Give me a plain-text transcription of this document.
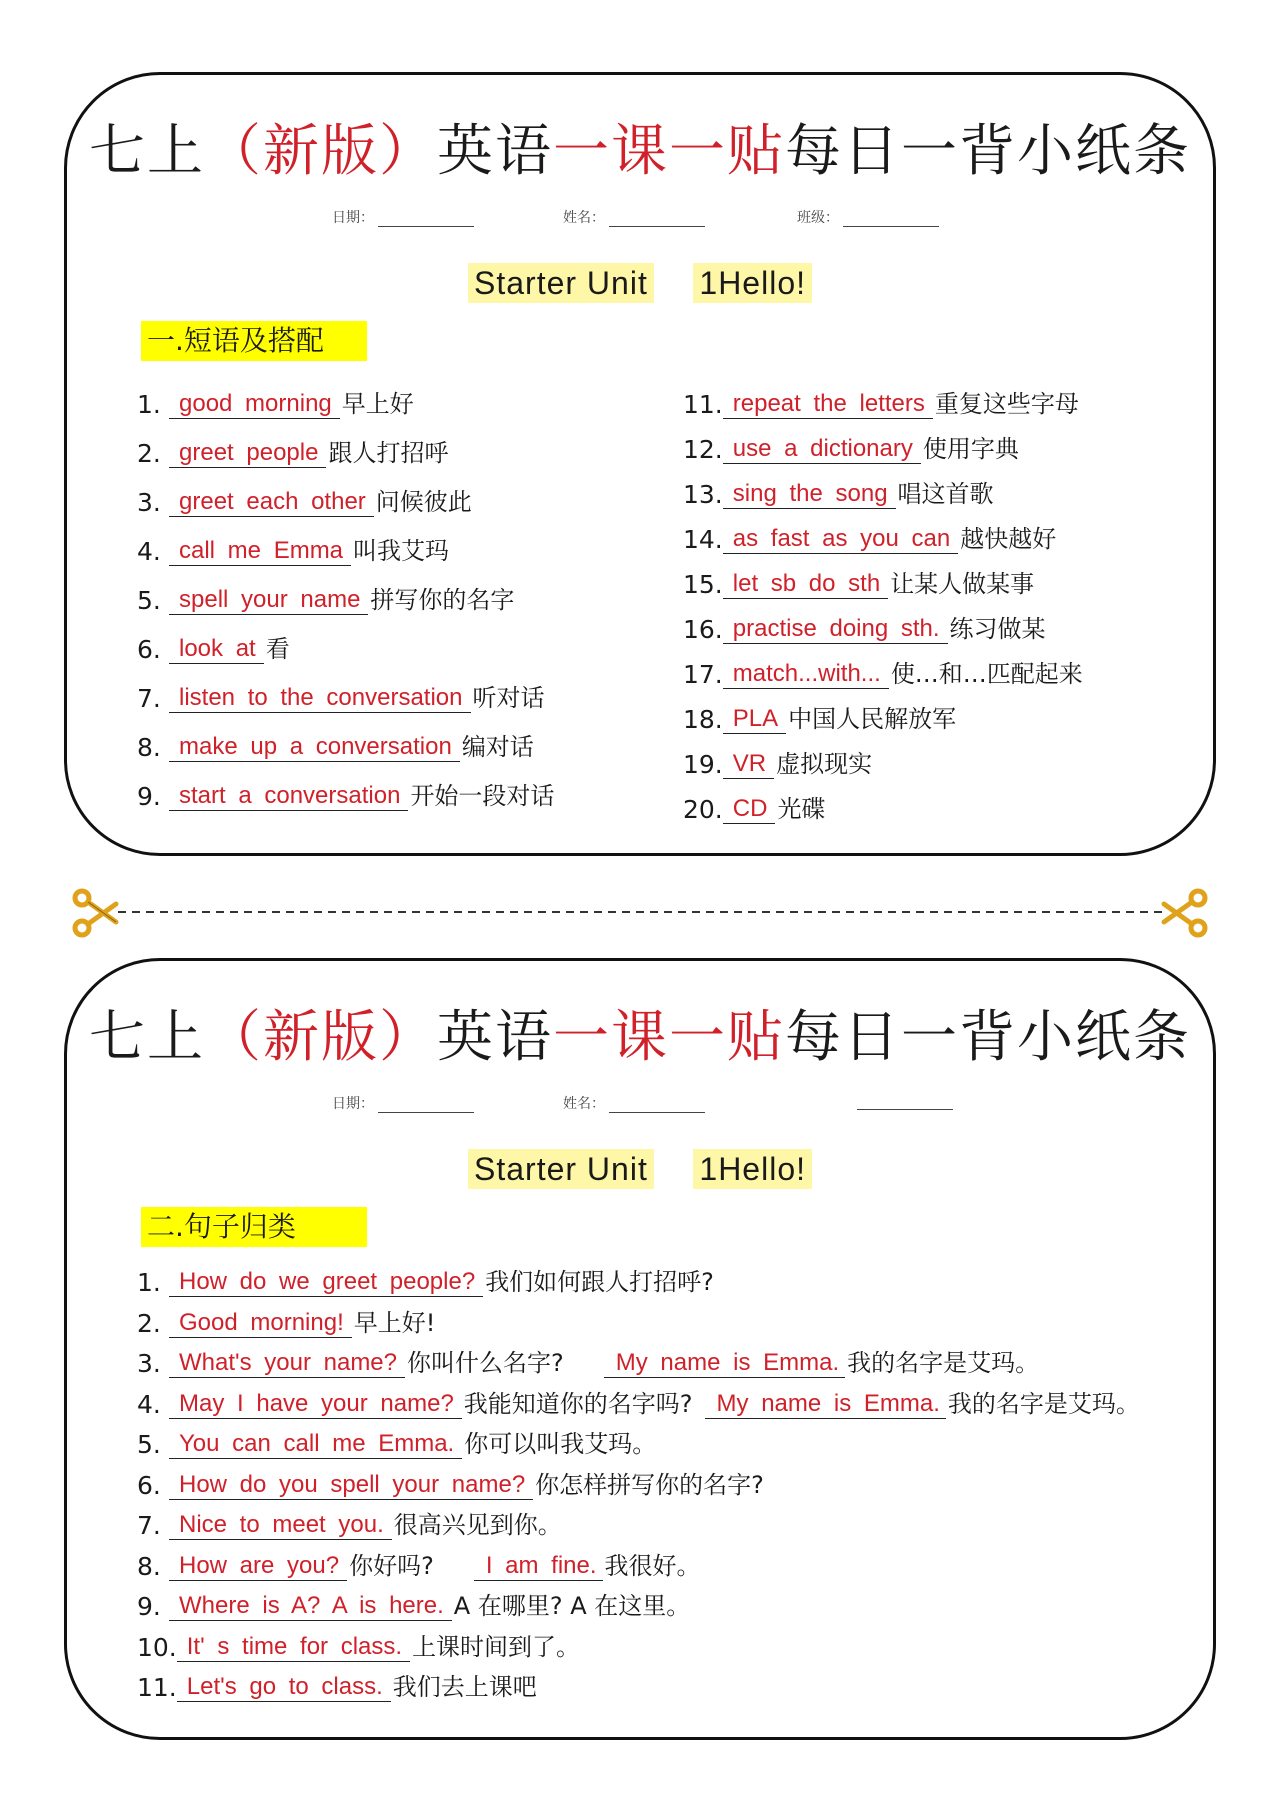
七上（新版）英语一课一贴每日一背小纸条
日期：	姓名：	班级：
Starter Unit 1Hello!
一.短语及搭配
1. good morning 早上好
2. greet people 跟人打招呼
3. greet each other 问候彼此
4. call me Emma 叫我艾玛
5. spell your name 拼写你的名字
6. look at 看
7. listen to the conversation 听对话
8. make up a conversation 编对话
9. start a conversation 开始一段对话
11. repeat the letters 重复这些字母
12. use a dictionary 使用字典
13. sing the song 唱这首歌
14. as fast as you can 越快越好
15. let sb do sth 让某人做某事
16. practise doing sth. 练习做某
17. match...with... 使…和…匹配起来
18. PLA 中国人民解放军
19. VR 虚拟现实
20. CD 光碟
七上（新版）英语一课一贴每日一背小纸条
日期：	姓名：
Starter Unit 1Hello!
二.句子归类
1. How do we greet people? 我们如何跟人打招呼?
2. Good morning! 早上好!
3. What's your name? 你叫什么名字?	My name is Emma. 我的名字是艾玛。
4. May I have your name? 我能知道你的名字吗?	My name is Emma. 我的名字是艾玛。
5. You can call me Emma. 你可以叫我艾玛。
6. How do you spell your name? 你怎样拼写你的名字?
7. Nice to meet you. 很高兴见到你。
8. How are you? 你好吗?	I am fine. 我很好。
9. Where is A? A is here. A 在哪里? A 在这里。
10. It' s time for class. 上课时间到了。
11. Let's go to class. 我们去上课吧
